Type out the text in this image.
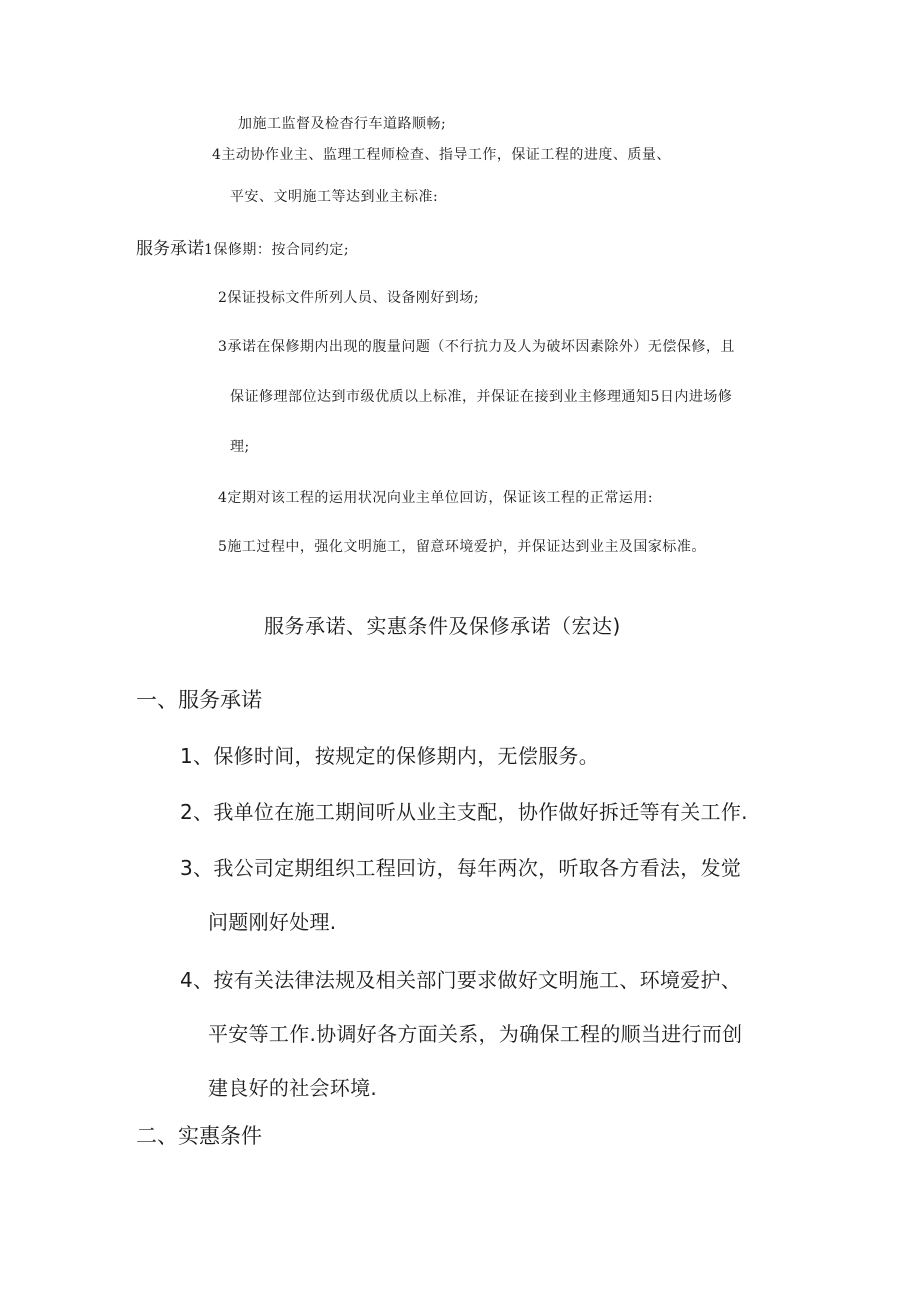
加施工监督及检杳行车道路顺畅;

4主动协作业主、监理工程师检查、指导工作，保证工程的进度、质量、

平安、文明施工等达到业主标准:

服务承诺1保修期：按合同约定;

2保证投标文件所列人员、设备刚好到场;

3承诺在保修期内出现的腹量问题（不行抗力及人为破坏因素除外）无偿保修，且

保证修理部位达到市级优质以上标准，并保证在接到业主修理通知5日内进场修

理;

4定期对该工程的运用状况向业主单位回访，保证该工程的正常运用:

5施工过程中，强化文明施工，留意环境爱护，并保证达到业主及国家标准。

服务承诺、实惠条件及保修承诺（宏达)

一、服务承诺

1、保修时间，按规定的保修期内，无偿服务。

2、我单位在施工期间听从业主支配，协作做好拆迁等有关工作.

3、我公司定期组织工程回访，每年两次，听取各方看法，发觉

问题刚好处理.

4、按有关法律法规及相关部门要求做好文明施工、环境爱护、

平安等工作.协调好各方面关系，为确保工程的顺当进行而创

建良好的社会环境.

二、实惠条件
